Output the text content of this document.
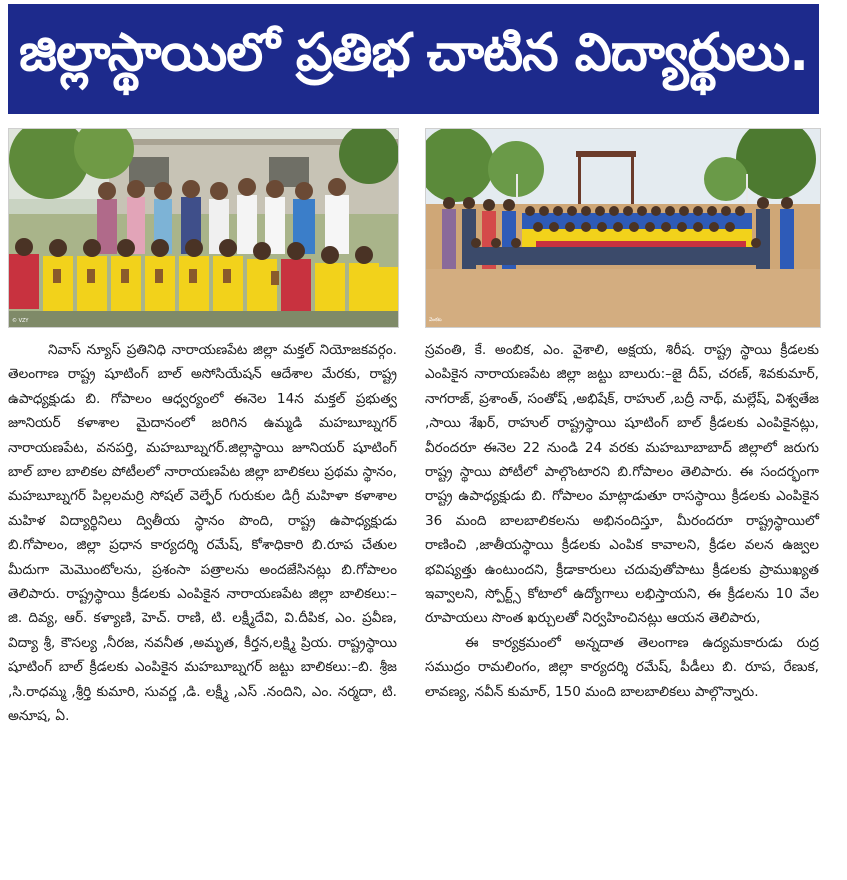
జిల్లాస్థాయిలో ప్రతిభ చాటిన విద్యార్థులు.
© VZY	వెంకట

నివాస్ న్యూస్ ప్రతినిధి నారాయణపేట జిల్లా మక్తల్ నియోజకవర్గం. తెలంగాణ రాష్ట్ర షూటింగ్ బాల్ అసోసియేషన్ ఆదేశాల మేరకు, రాష్ట్ర ఉపాధ్యక్షుడు బి. గోపాలం ఆధ్వర్యంలో ఈనెల 14న మక్తల్ ప్రభుత్వ జూనియర్ కళాశాల మైదానంలో జరిగిన ఉమ్మడి మహబూబ్నగర్ నారాయణపేట, వనపర్తి, మహబూబ్నగర్.జిల్లాస్థాయి జూనియర్ షూటింగ్ బాల్ బాల బాలికల పోటీలలో నారాయణపేట జిల్లా బాలికలు ప్రథమ స్థానం, మహబూబ్నగర్ పిల్లలమర్రి సోషల్ వెల్ఫేర్ గురుకుల డిగ్రీ మహిళా కళాశాల మహిళ విద్యార్థినిలు ద్వితీయ స్థానం పొంది, రాష్ట్ర ఉపాధ్యక్షుడు బి.గోపాలం, జిల్లా ప్రధాన కార్యదర్శి రమేష్, కోశాధికారి బి.రూప చేతుల మీదుగా మెమొంటోలను, ప్రశంసా పత్రాలను అందజేసినట్లు బి.గోపాలం తెలిపారు. రాష్ట్రస్థాయి క్రీడలకు ఎంపికైన నారాయణపేట జిల్లా బాలికలు:– జి. దివ్య, ఆర్. కళ్యాణి, హెచ్. రాణి, టి. లక్ష్మీదేవి, వి.దీపిక, ఎం. ప్రవీణ, విద్యా శ్రీ, కౌసల్య ,నీరజ, నవనీత ,అమృత, కీర్తన,లక్ష్మి ప్రియ. రాష్ట్రస్థాయి షూటింగ్ బాల్ క్రీడలకు ఎంపికైన మహబూబ్నగర్ జట్టు బాలికలు:–బి. శ్రీజ ,సి.రాధమ్మ ,శ్రీర్తి కుమారి, సువర్ణ ,డి. లక్ష్మీ ,ఎస్ .నందిని, ఎం. నర్మదా, టి. అనూష, ఏ.

స్రవంతి, కే. అంబిక, ఎం. వైశాలి, అక్షయ, శిరీష. రాష్ట్ర స్థాయి క్రీడలకు ఎంపికైన నారాయణపేట జిల్లా జట్టు బాలురు:–జై దీప్, చరణ్, శివకుమార్, నాగరాజ్, ప్రశాంత్, సంతోష్ ,అభిషేక్, రాహుల్ ,బద్రీ నాథ్, మల్లేష్, విశ్వతేజ ,సాయి శేఖర్, రాహుల్ రాష్ట్రస్థాయి షూటింగ్ బాల్ క్రీడలకు ఎంపికైనట్లు, వీరందరూ ఈనెల 22 నుండి 24 వరకు మహబూబాబాద్ జిల్లాలో జరుగు రాష్ట్ర స్థాయి పోటీలో పాల్గొంటారని బి.గోపాలం తెలిపారు. ఈ సందర్భంగా రాష్ట్ర ఉపాధ్యక్షుడు బి. గోపాలం మాట్లాడుతూ రాసస్థాయి క్రీడలకు ఎంపికైన 36 మంది బాలబాలికలను అభినందిస్తూ, మీరందరూ రాష్ట్రస్థాయిలో రాణించి ,జాతీయస్థాయి క్రీడలకు ఎంపిక కావాలని, క్రీడల వలన ఉజ్వల భవిష్యత్తు ఉంటుందని, క్రీడాకారులు చదువుతోపాటు క్రీడలకు ప్రాముఖ్యత ఇవ్వాలని, స్పోర్ట్స్ కోటాలో ఉద్యోగాలు లభిస్తాయని, ఈ క్రీడలను 10 వేల రూపాయలు సొంత ఖర్చులతో నిర్వహించినట్లు ఆయన తెలిపారు,

ఈ కార్యక్రమంలో అన్నదాత తెలంగాణ ఉద్యమకారుడు రుద్ర సముద్రం రామలింగం, జిల్లా కార్యదర్శి రమేష్, పీడీలు బి. రూప, రేణుక, లావణ్య, నవీన్ కుమార్, 150 మంది బాలబాలికలు పాల్గొన్నారు.
